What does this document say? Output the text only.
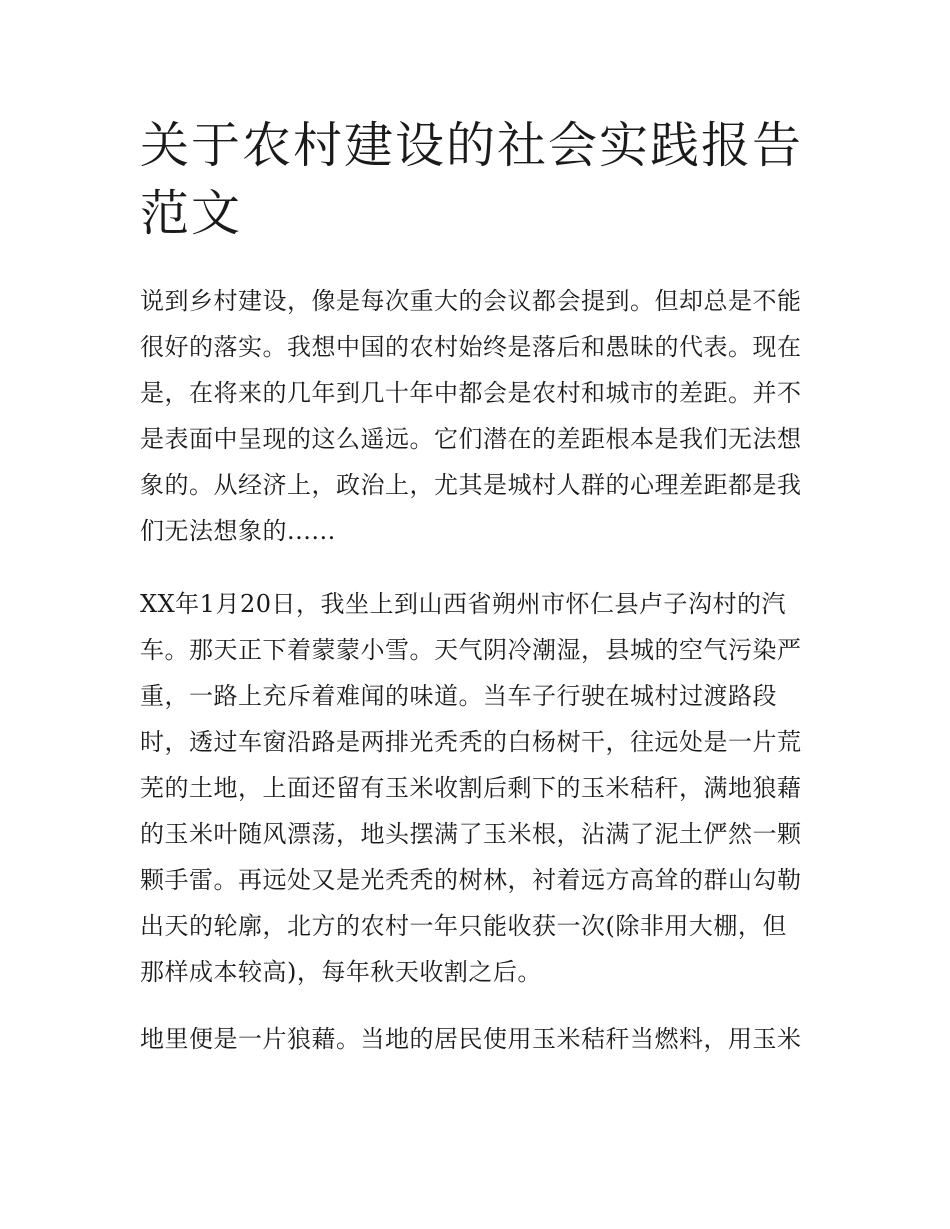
关于农村建设的社会实践报告
范文

说到乡村建设，像是每次重大的会议都会提到。但却总是不能
很好的落实。我想中国的农村始终是落后和愚昧的代表。现在
是，在将来的几年到几十年中都会是农村和城市的差距。并不
是表面中呈现的这么遥远。它们潜在的差距根本是我们无法想
象的。从经济上，政治上，尤其是城村人群的心理差距都是我
们无法想象的......

XX年1月20日，我坐上到山西省朔州市怀仁县卢子沟村的汽
车。那天正下着蒙蒙小雪。天气阴冷潮湿，县城的空气污染严
重，一路上充斥着难闻的味道。当车子行驶在城村过渡路段
时，透过车窗沿路是两排光秃秃的白杨树干，往远处是一片荒
芜的土地，上面还留有玉米收割后剩下的玉米秸秆，满地狼藉
的玉米叶随风漂荡，地头摆满了玉米根，沾满了泥土俨然一颗
颗手雷。再远处又是光秃秃的树林，衬着远方高耸的群山勾勒
出天的轮廓，北方的农村一年只能收获一次(除非用大棚，但
那样成本较高)，每年秋天收割之后。

地里便是一片狼藉。当地的居民使用玉米秸秆当燃料，用玉米
